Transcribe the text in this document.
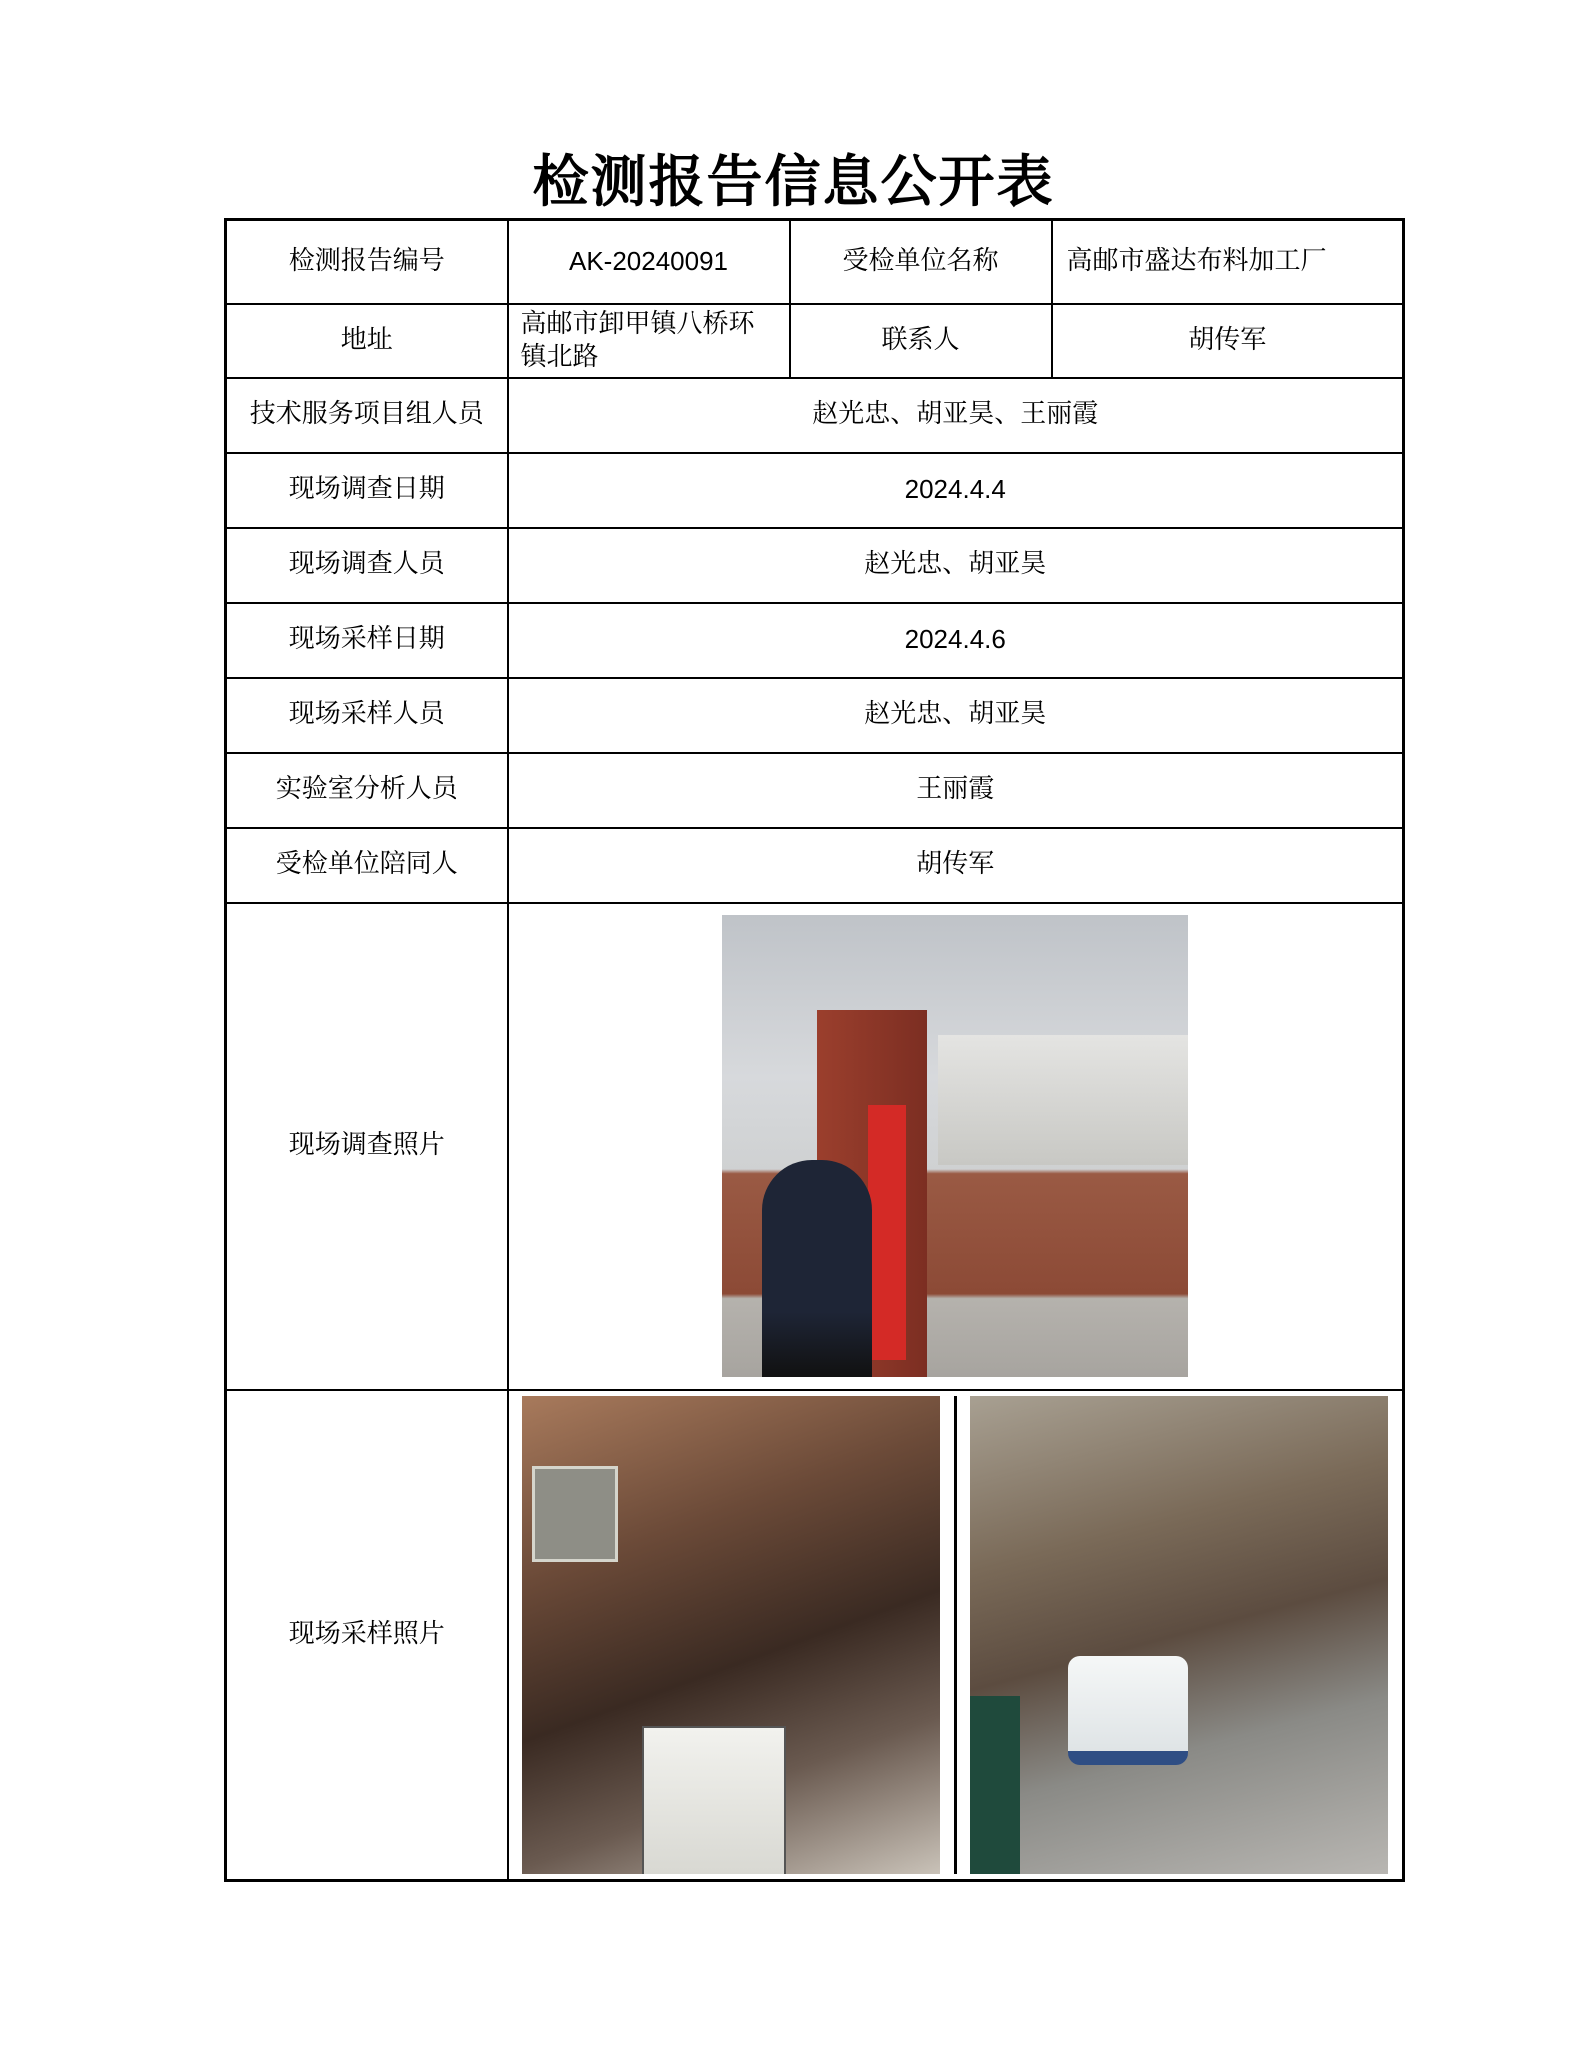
检测报告信息公开表
检测报告编号	AK-20240091	受检单位名称	高邮市盛达布料加工厂
地址	高邮市卸甲镇八桥环镇北路	联系人	胡传军
技术服务项目组人员	赵光忠、胡亚昊、王丽霞		
现场调查日期	2024.4.4		
现场调查人员	赵光忠、胡亚昊		
现场采样日期	2024.4.6		
现场采样人员	赵光忠、胡亚昊		
实验室分析人员	王丽霞		
受检单位陪同人	胡传军		
现场调查照片			

现场采样照片			
